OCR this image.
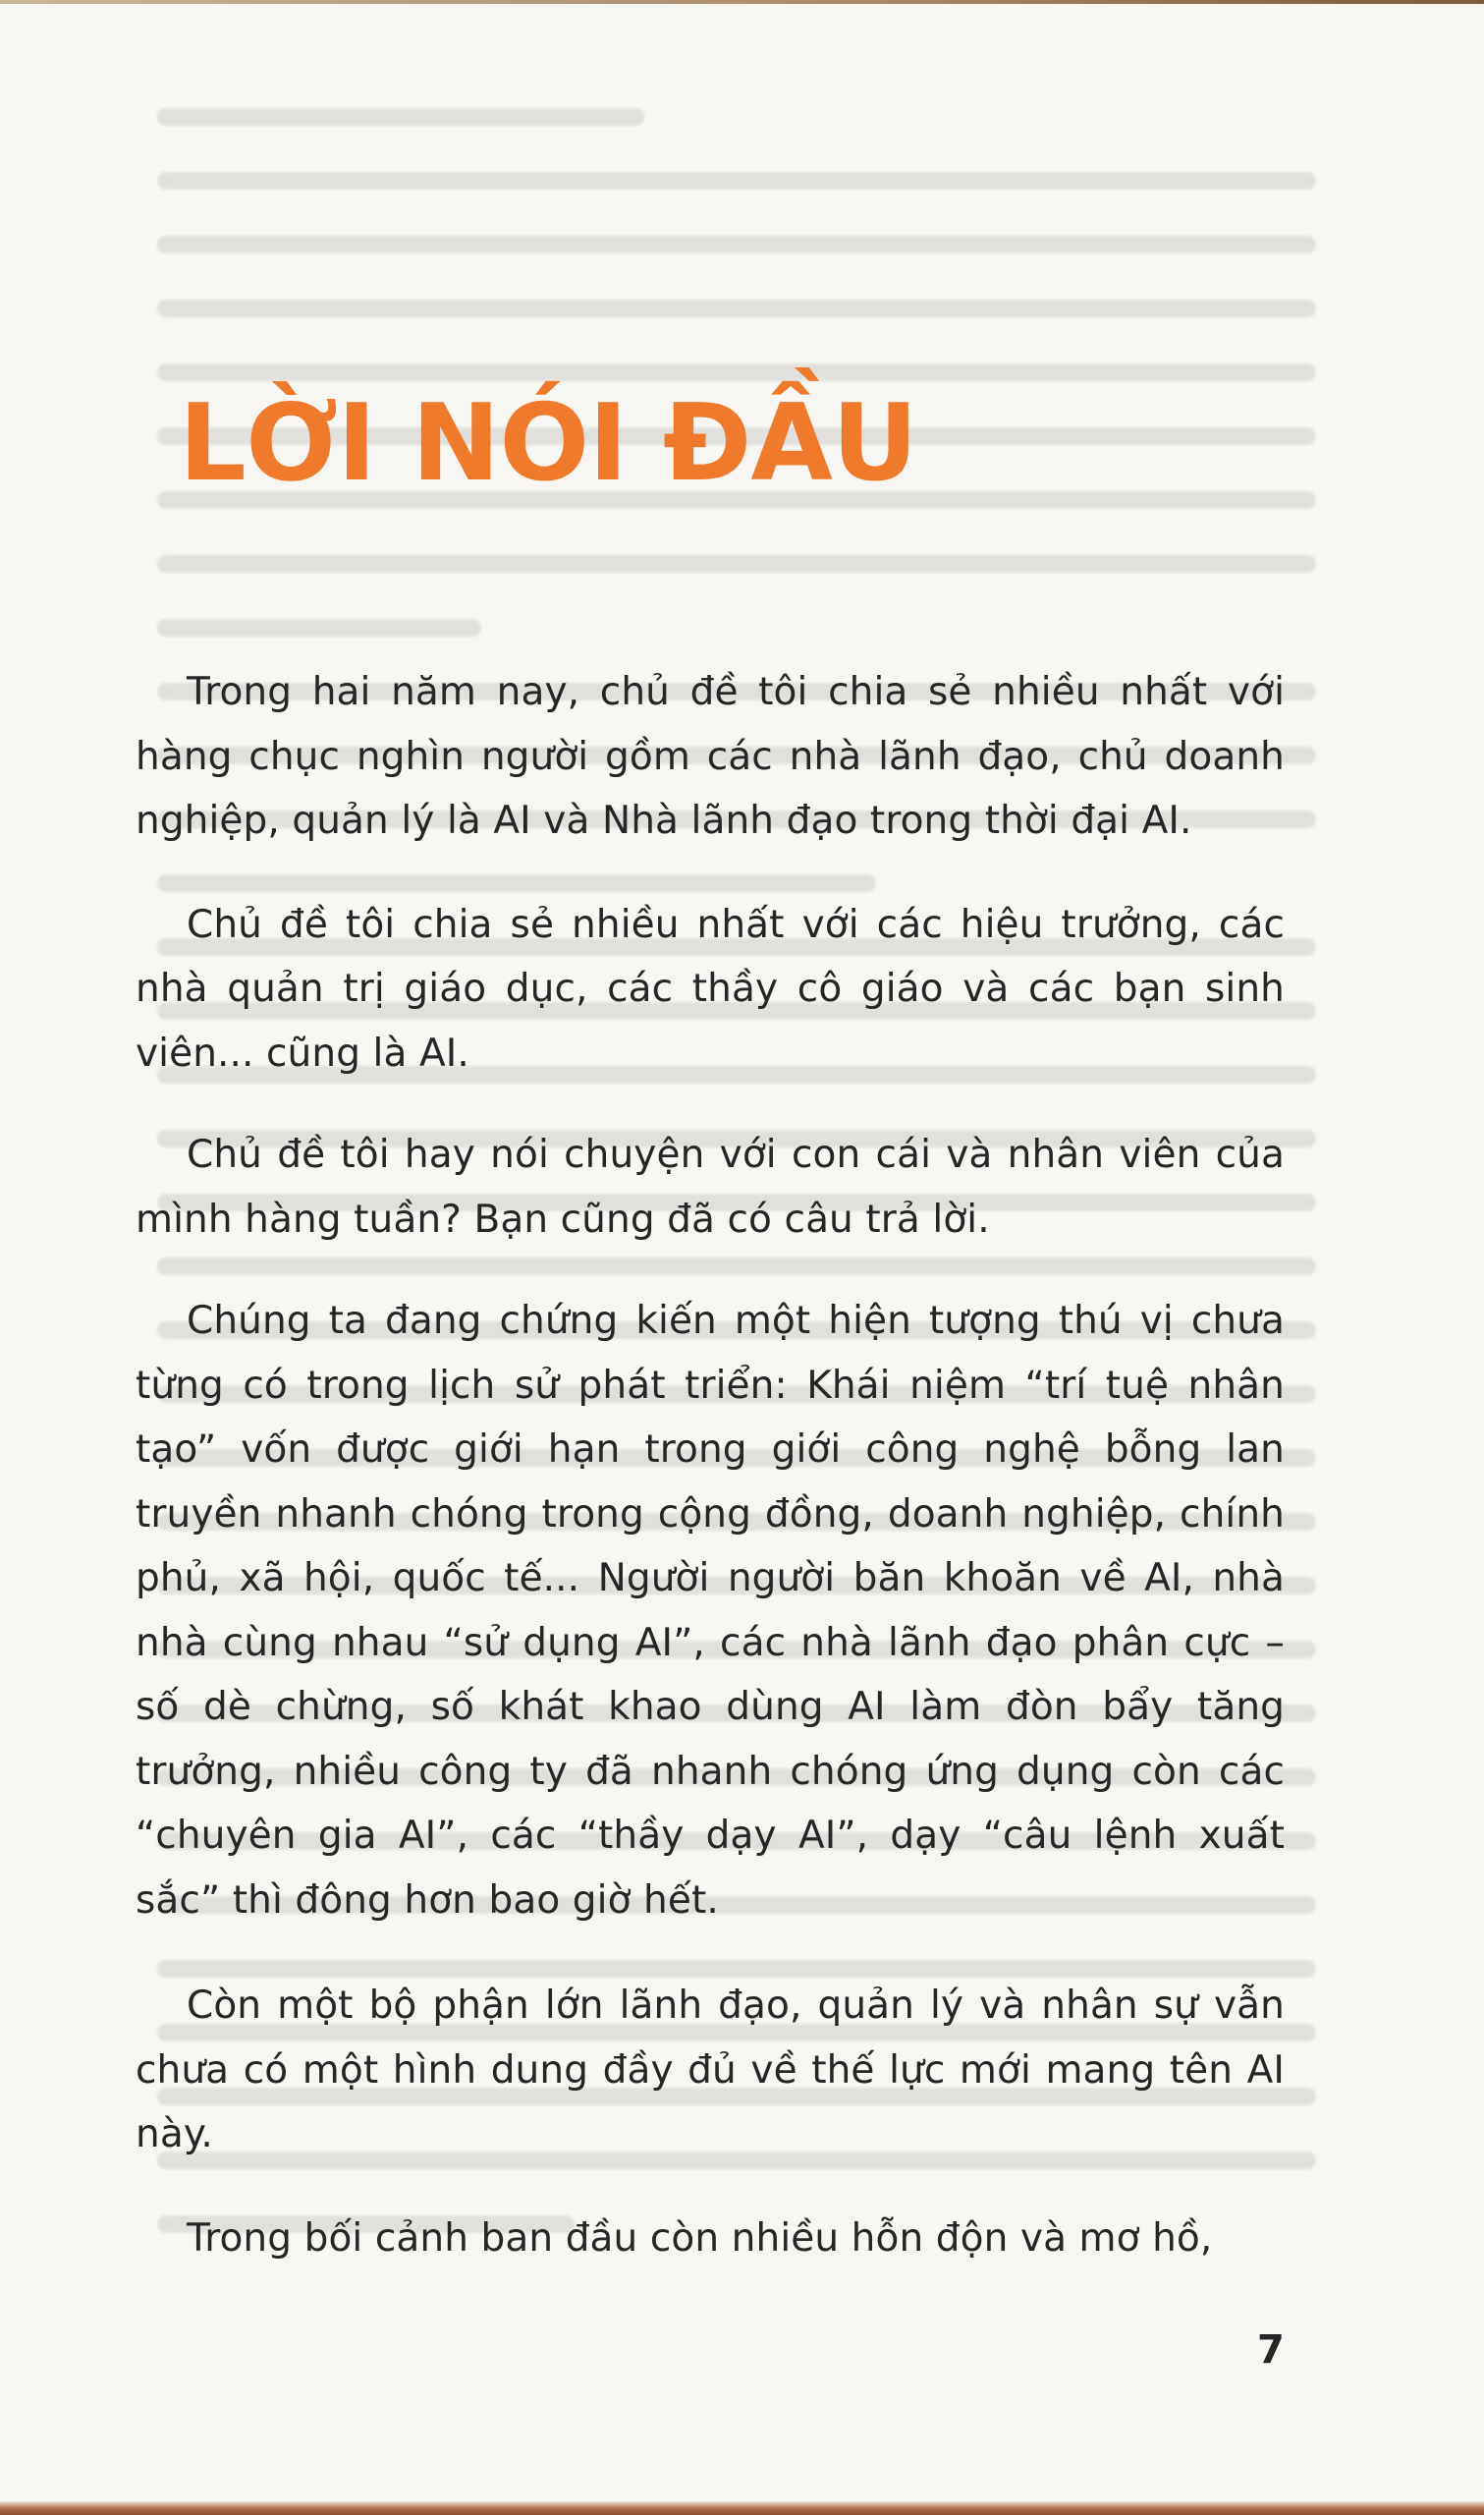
LỜI NÓI ĐẦU

Trong hai năm nay, chủ đề tôi chia sẻ nhiều nhất với hàng chục nghìn người gồm các nhà lãnh đạo, chủ doanh nghiệp, quản lý là AI và Nhà lãnh đạo trong thời đại AI.

Chủ đề tôi chia sẻ nhiều nhất với các hiệu trưởng, các nhà quản trị giáo dục, các thầy cô giáo và các bạn sinh viên... cũng là AI.

Chủ đề tôi hay nói chuyện với con cái và nhân viên của mình hàng tuần? Bạn cũng đã có câu trả lời.

Chúng ta đang chứng kiến một hiện tượng thú vị chưa từng có trong lịch sử phát triển: Khái niệm “trí tuệ nhân tạo” vốn được giới hạn trong giới công nghệ bỗng lan truyền nhanh chóng trong cộng đồng, doanh nghiệp, chính phủ, xã hội, quốc tế... Người người băn khoăn về AI, nhà nhà cùng nhau “sử dụng AI”, các nhà lãnh đạo phân cực – số dè chừng, số khát khao dùng AI làm đòn bẩy tăng trưởng, nhiều công ty đã nhanh chóng ứng dụng còn các “chuyên gia AI”, các “thầy dạy AI”, dạy “câu lệnh xuất sắc” thì đông hơn bao giờ hết.

Còn một bộ phận lớn lãnh đạo, quản lý và nhân sự vẫn chưa có một hình dung đầy đủ về thế lực mới mang tên AI này.

Trong bối cảnh ban đầu còn nhiều hỗn độn và mơ hồ,

7
